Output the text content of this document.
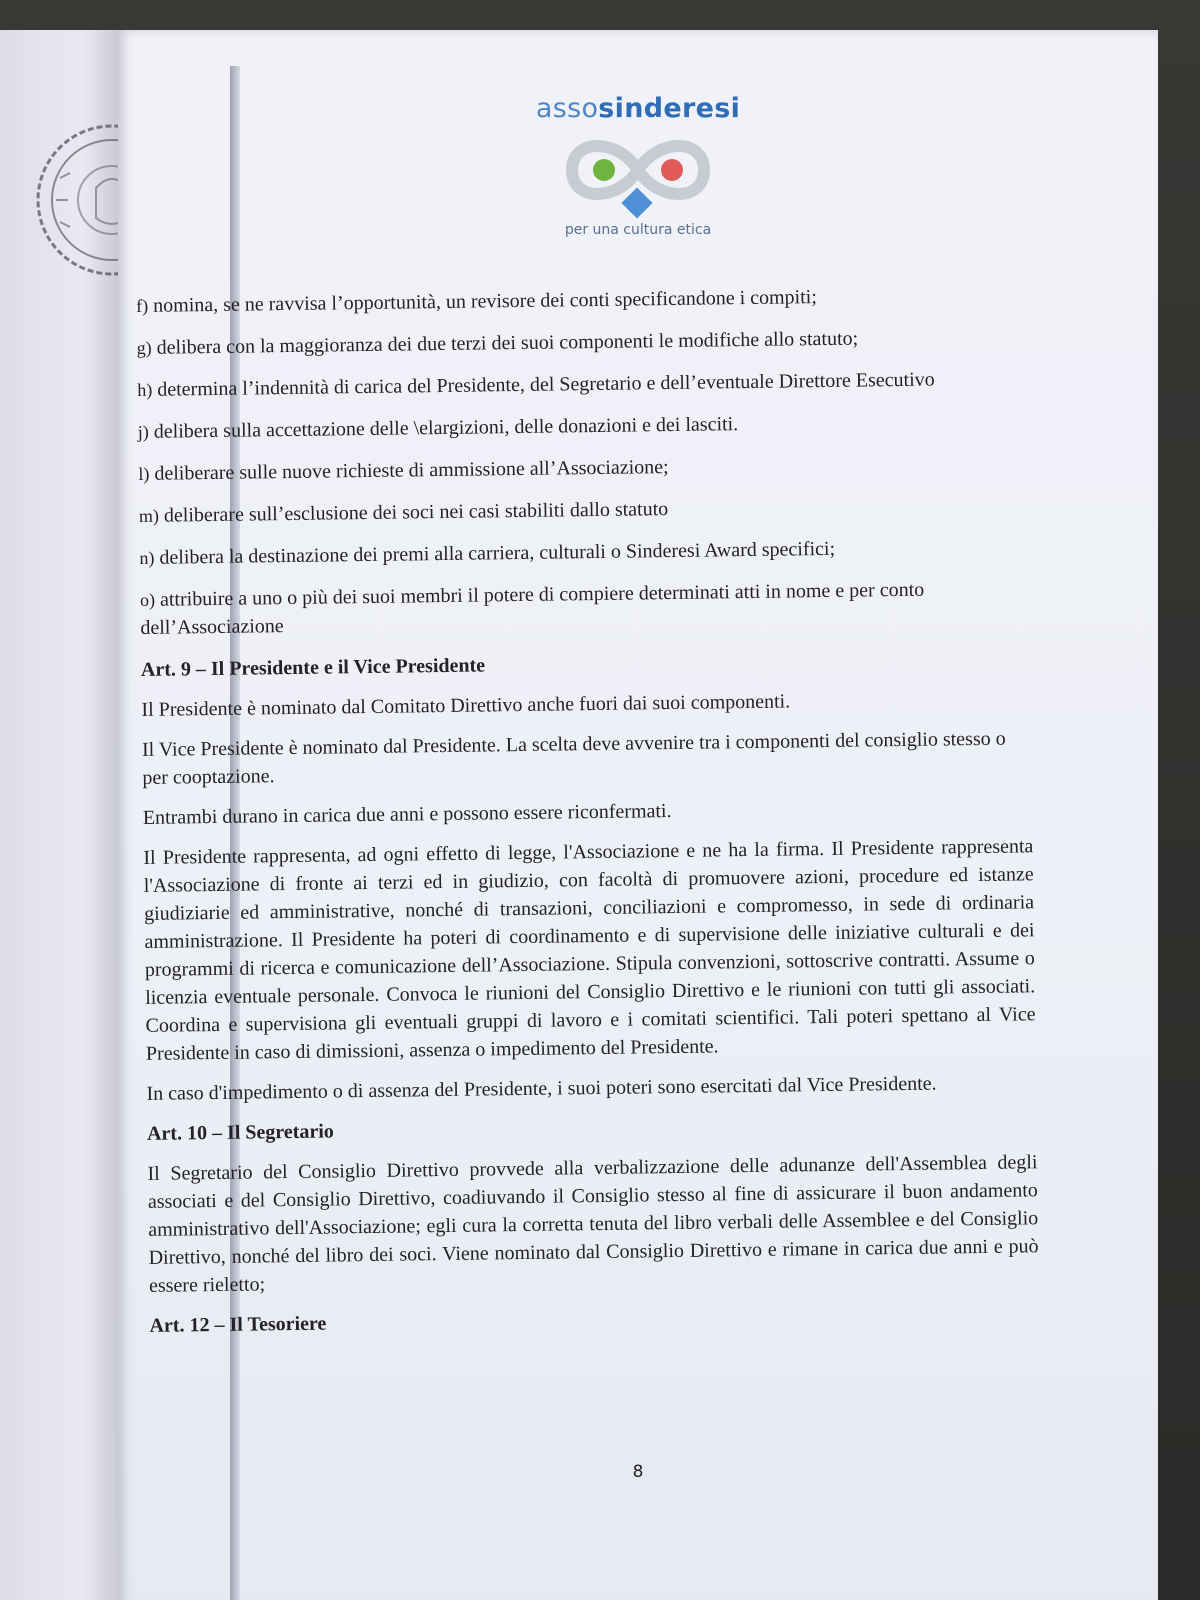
assosinderesi
per una cultura etica
f) nomina, se ne ravvisa l’opportunità, un revisore dei conti specificandone i compiti;
g) delibera con la maggioranza dei due terzi dei suoi componenti le modifiche allo statuto;
h) determina l’indennità di carica del Presidente, del Segretario e dell’eventuale Direttore Esecutivo
j) delibera sulla accettazione delle \elargizioni, delle donazioni e dei lasciti.
l) deliberare sulle nuove richieste di ammissione all’Associazione;
m) deliberare sull’esclusione dei soci nei casi stabiliti dallo statuto
n) delibera la destinazione dei premi alla carriera, culturali o Sinderesi Award specifici;
o) attribuire a uno o più dei suoi membri il potere di compiere determinati atti in nome e per conto dell’Associazione
Art. 9 – Il Presidente e il Vice Presidente
Il Presidente è nominato dal Comitato Direttivo anche fuori dai suoi componenti.
Il Vice Presidente è nominato dal Presidente. La scelta deve avvenire tra i componenti del consiglio stesso o per cooptazione.
Entrambi durano in carica due anni e possono essere riconfermati.
Il Presidente rappresenta, ad ogni effetto di legge, l'Associazione e ne ha la firma. Il Presidente rappresenta l'Associazione di fronte ai terzi ed in giudizio, con facoltà di promuovere azioni, procedure ed istanze giudiziarie ed amministrative, nonché di transazioni, conciliazioni e compromesso, in sede di ordinaria amministrazione. Il Presidente ha poteri di coordinamento e di supervisione delle iniziative culturali e dei programmi di ricerca e comunicazione dell’Associazione. Stipula convenzioni, sottoscrive contratti. Assume o licenzia eventuale personale. Convoca le riunioni del Consiglio Direttivo e le riunioni con tutti gli associati. Coordina e supervisiona gli eventuali gruppi di lavoro e i comitati scientifici. Tali poteri spettano al Vice Presidente in caso di dimissioni, assenza o impedimento del Presidente.
In caso d'impedimento o di assenza del Presidente, i suoi poteri sono esercitati dal Vice Presidente.
Art. 10 – Il Segretario
Il Segretario del Consiglio Direttivo provvede alla verbalizzazione delle adunanze dell'Assemblea degli associati e del Consiglio Direttivo, coadiuvando il Consiglio stesso al fine di assicurare il buon andamento amministrativo dell'Associazione; egli cura la corretta tenuta del libro verbali delle Assemblee e del Consiglio Direttivo, nonché del libro dei soci. Viene nominato dal Consiglio Direttivo e rimane in carica due anni e può essere rieletto;
Art. 12 – Il Tesoriere
8
